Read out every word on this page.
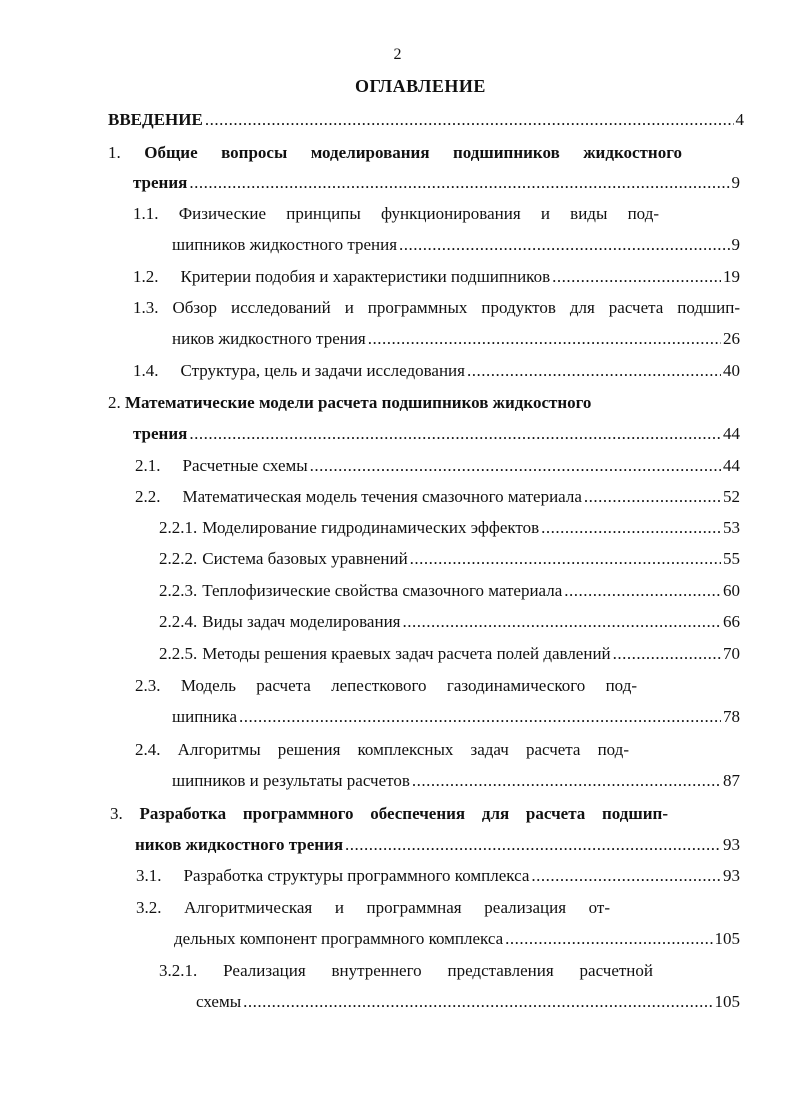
2
ОГЛАВЛЕНИЕ
ВВЕДЕНИЕ .....	4
1. Общие вопросы моделирования подшипников жидкостного
трения .....	9
1.1. Физические принципы функционирования и виды под-
шипников жидкостного трения .....	9
1.2. Критерии подобия и характеристики подшипников .....	19
1.3. Обзор исследований и программных продуктов для расчета подшип-
ников жидкостного трения .....	26
1.4. Структура, цель и задачи исследования .....	40
2. Математические модели расчета подшипников жидкостного
трения .....	44
2.1. Расчетные схемы .....	44
2.2. Математическая модель течения смазочного материала .....	52
2.2.1. Моделирование гидродинамических эффектов .....	53
2.2.2. Система базовых уравнений .....	55
2.2.3. Теплофизические свойства смазочного материала .....	60
2.2.4. Виды задач моделирования .....	66
2.2.5. Методы решения краевых задач расчета полей давлений .....	70
2.3. Модель расчета лепесткового газодинамического под-
шипника .....	78
2.4. Алгоритмы решения комплексных задач расчета под-
шипников и результаты расчетов .....	87
3. Разработка программного обеспечения для расчета подшип-
ников жидкостного трения .....	93
3.1. Разработка структуры программного комплекса .....	93
3.2. Алгоритмическая и программная реализация от-
дельных компонент программного комплекса .....	105
3.2.1. Реализация внутреннего представления расчетной
схемы .....	105
